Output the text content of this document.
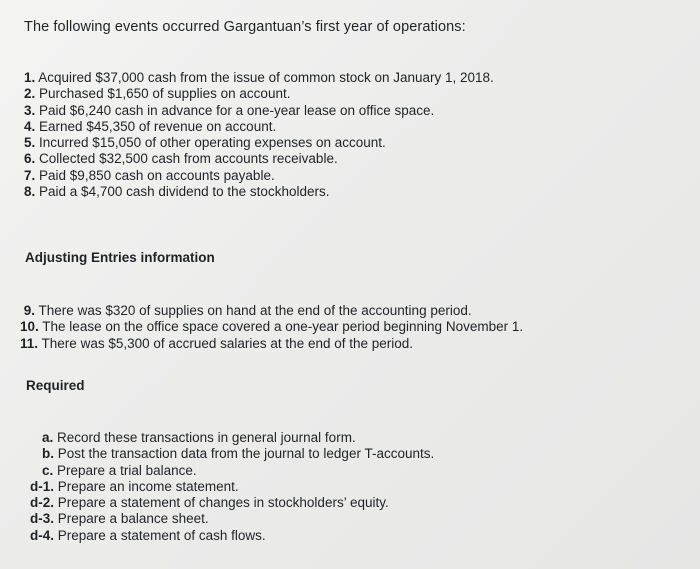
The following events occurred Gargantuan’s first year of operations:
1. Acquired $37,000 cash from the issue of common stock on January 1, 2018.
2. Purchased $1,650 of supplies on account.
3. Paid $6,240 cash in advance for a one-year lease on office space.
4. Earned $45,350 of revenue on account.
5. Incurred $15,050 of other operating expenses on account.
6. Collected $32,500 cash from accounts receivable.
7. Paid $9,850 cash on accounts payable.
8. Paid a $4,700 cash dividend to the stockholders.
Adjusting Entries information
9. There was $320 of supplies on hand at the end of the accounting period.
10. The lease on the office space covered a one-year period beginning November 1.
11. There was $5,300 of accrued salaries at the end of the period.
Required
a. Record these transactions in general journal form.
b. Post the transaction data from the journal to ledger T-accounts.
c. Prepare a trial balance.
d-1. Prepare an income statement.
d-2. Prepare a statement of changes in stockholders’ equity.
d-3. Prepare a balance sheet.
d-4. Prepare a statement of cash flows.
